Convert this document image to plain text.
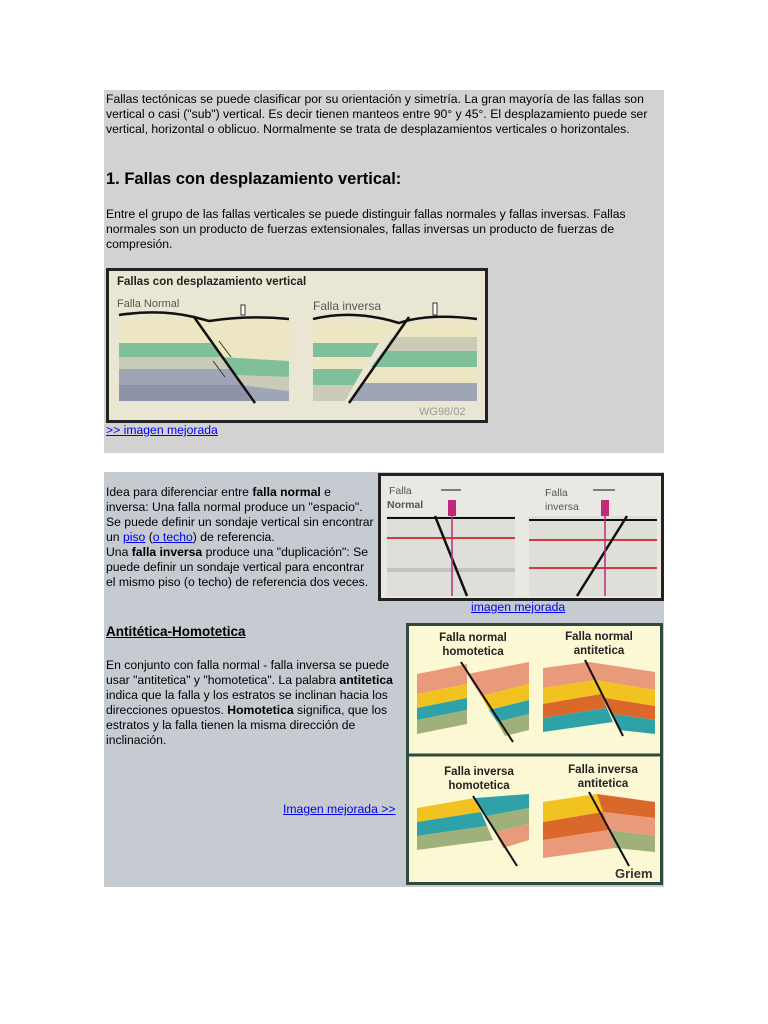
Fallas tectónicas se puede clasificar por su orientación y simetría. La gran mayoría de las fallas son vertical o casi ("sub") vertical. Es decir tienen manteos entre 90° y 45°. El desplazamiento puede ser vertical, horizontal o oblicuo. Normalmente se trata de desplazamientos verticales o horizontales.

1. Fallas con desplazamiento vertical:

Entre el grupo de las fallas verticales se puede distinguir fallas normales y fallas inversas. Fallas normales son un producto de fuerzas extensionales, fallas inversas un producto de fuerzas de compresión.

Fallas con desplazamiento vertical
Falla Normal	Falla inversa
WG98/02
>> imagen mejorada
Idea para diferenciar entre falla normal e inversa: Una falla normal produce un "espacio". Se puede definir un sondaje vertical sin encontrar un piso (o techo) de referencia.
Una falla inversa produce una "duplicación": Se puede definir un sondaje vertical para encontrar el mismo piso (o techo) de referencia dos veces.
Falla
Normal
Falla
inversa
imagen mejorada
Antitética-Homotetica
En conjunto con falla normal - falla inversa se puede usar "antitetica" y "homotetica". La palabra antitetica indica que la falla y los estratos se inclinan hacia los direcciones opuestos. Homotetica significa, que los estratos y la falla tienen la misma dirección de inclinación.
Imagen mejorada >>
Falla normal
homotetica
Falla normal
antitetica
Falla inversa
homotetica
Falla inversa
antitetica
Griem
